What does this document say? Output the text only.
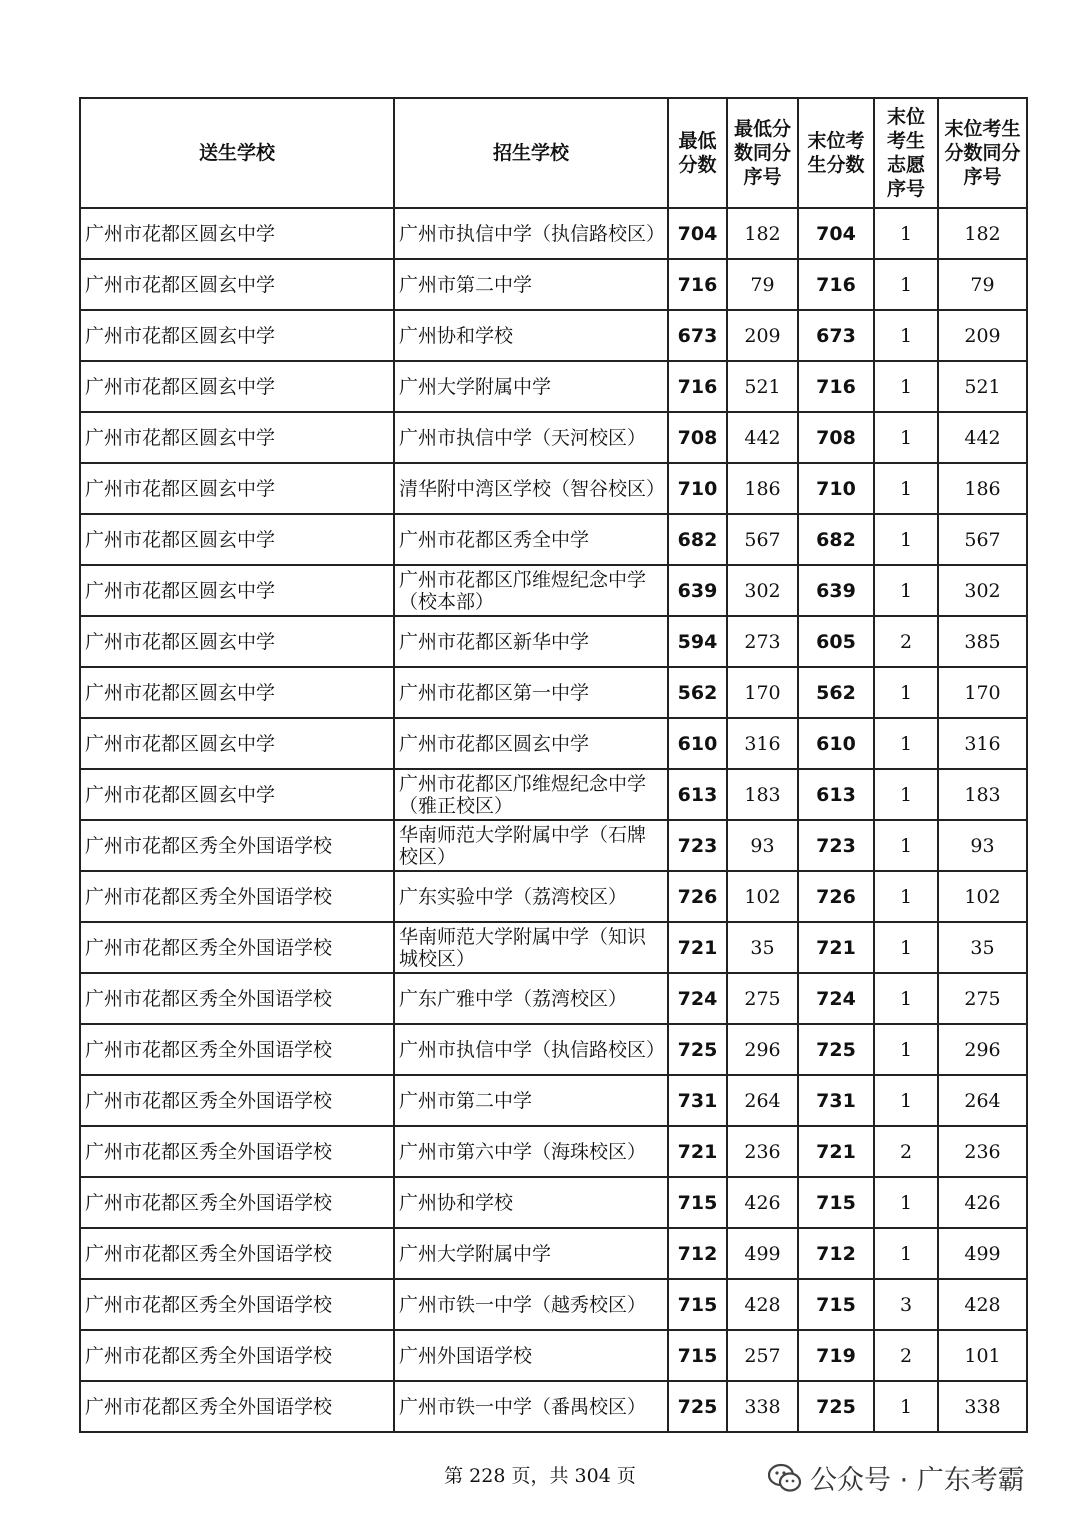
送生学校	招生学校	最低分数	最低分数同分序号	末位考生分数	末位考生志愿序号	末位考生分数同分序号
广州市花都区圆玄中学	广州市执信中学（执信路校区）	704	182	704	1	182
广州市花都区圆玄中学	广州市第二中学	716	79	716	1	79
广州市花都区圆玄中学	广州协和学校	673	209	673	1	209
广州市花都区圆玄中学	广州大学附属中学	716	521	716	1	521
广州市花都区圆玄中学	广州市执信中学（天河校区）	708	442	708	1	442
广州市花都区圆玄中学	清华附中湾区学校（智谷校区）	710	186	710	1	186
广州市花都区圆玄中学	广州市花都区秀全中学	682	567	682	1	567
广州市花都区圆玄中学	广州市花都区邝维煜纪念中学（校本部）	639	302	639	1	302
广州市花都区圆玄中学	广州市花都区新华中学	594	273	605	2	385
广州市花都区圆玄中学	广州市花都区第一中学	562	170	562	1	170
广州市花都区圆玄中学	广州市花都区圆玄中学	610	316	610	1	316
广州市花都区圆玄中学	广州市花都区邝维煜纪念中学（雅正校区）	613	183	613	1	183
广州市花都区秀全外国语学校	华南师范大学附属中学（石牌校区）	723	93	723	1	93
广州市花都区秀全外国语学校	广东实验中学（荔湾校区）	726	102	726	1	102
广州市花都区秀全外国语学校	华南师范大学附属中学（知识城校区）	721	35	721	1	35
广州市花都区秀全外国语学校	广东广雅中学（荔湾校区）	724	275	724	1	275
广州市花都区秀全外国语学校	广州市执信中学（执信路校区）	725	296	725	1	296
广州市花都区秀全外国语学校	广州市第二中学	731	264	731	1	264
广州市花都区秀全外国语学校	广州市第六中学（海珠校区）	721	236	721	2	236
广州市花都区秀全外国语学校	广州协和学校	715	426	715	1	426
广州市花都区秀全外国语学校	广州大学附属中学	712	499	712	1	499
广州市花都区秀全外国语学校	广州市铁一中学（越秀校区）	715	428	715	3	428
广州市花都区秀全外国语学校	广州外国语学校	715	257	719	2	101
广州市花都区秀全外国语学校	广州市铁一中学（番禺校区）	725	338	725	1	338
第 228 页，共 304 页	公众号 · 广东考霸
